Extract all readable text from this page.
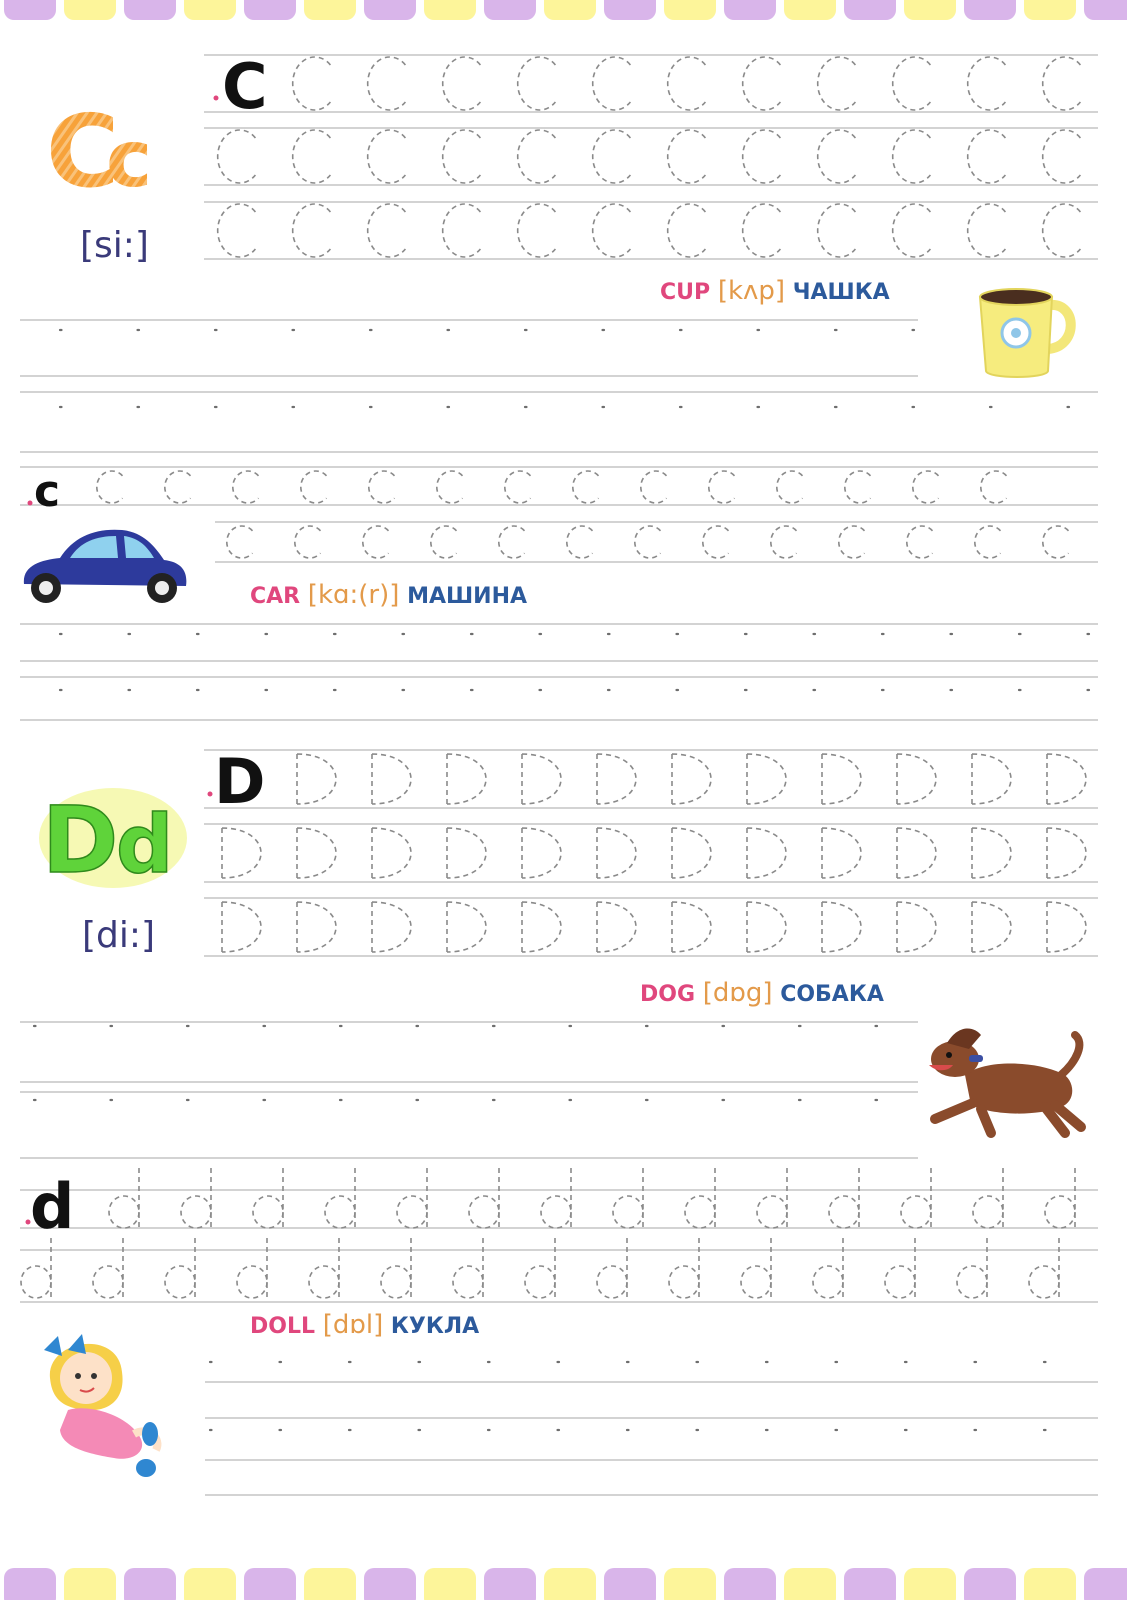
C
c
[si:]
C
c
CUP [kʌp] ЧАШКА
CAR [kɑ:(r)] МАШИНА
D
d
[di:]
D
d
DOG [dɒg] СОБАКА
DOLL [dɒl] КУКЛА
